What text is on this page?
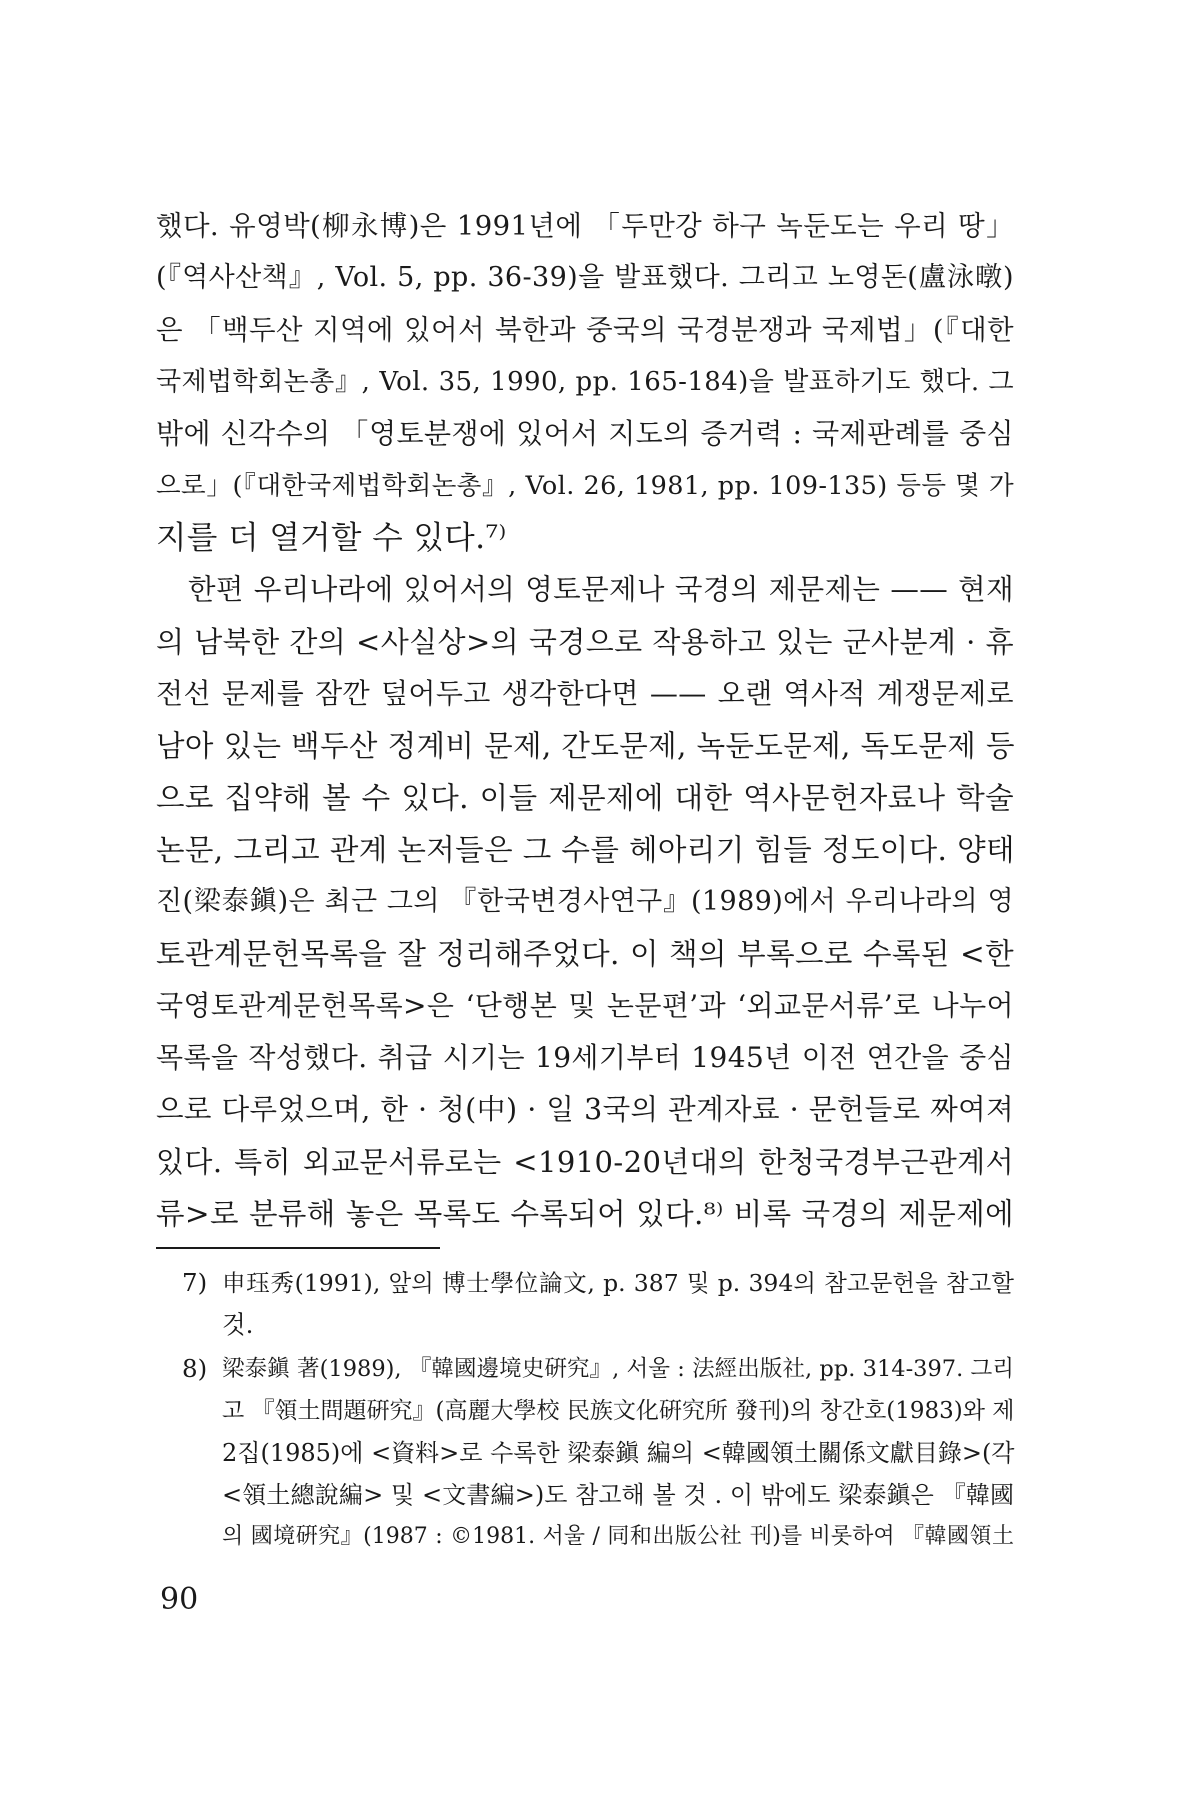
했다. 유영박(柳永博)은 1991년에 「두만강 하구 녹둔도는 우리 땅」
(『역사산책』, Vol. 5, pp. 36-39)을 발표했다. 그리고 노영돈(盧泳暾)
은 「백두산 지역에 있어서 북한과 중국의 국경분쟁과 국제법」(『대한
국제법학회논총』, Vol. 35, 1990, pp. 165-184)을 발표하기도 했다. 그
밖에 신각수의 「영토분쟁에 있어서 지도의 증거력 : 국제판례를 중심
으로」(『대한국제법학회논총』, Vol. 26, 1981, pp. 109-135) 등등 몇 가
지를 더 열거할 수 있다.⁷⁾
한편 우리나라에 있어서의 영토문제나 국경의 제문제는 —— 현재
의 남북한 간의 <사실상>의 국경으로 작용하고 있는 군사분계 · 휴
전선 문제를 잠깐 덮어두고 생각한다면 —— 오랜 역사적 계쟁문제로
남아 있는 백두산 정계비 문제, 간도문제, 녹둔도문제, 독도문제 등
으로 집약해 볼 수 있다. 이들 제문제에 대한 역사문헌자료나 학술
논문, 그리고 관계 논저들은 그 수를 헤아리기 힘들 정도이다. 양태
진(梁泰鎭)은 최근 그의 『한국변경사연구』(1989)에서 우리나라의 영
토관계문헌목록을 잘 정리해주었다. 이 책의 부록으로 수록된 <한
국영토관계문헌목록>은 ‘단행본 및 논문편’과 ‘외교문서류’로 나누어
목록을 작성했다. 취급 시기는 19세기부터 1945년 이전 연간을 중심
으로 다루었으며, 한 · 청(中) · 일 3국의 관계자료 · 문헌들로 짜여져
있다. 특히 외교문서류로는 <1910-20년대의 한청국경부근관계서
류>로 분류해 놓은 목록도 수록되어 있다.⁸⁾ 비록 국경의 제문제에
7) 申珏秀(1991), 앞의 博士學位論文, p. 387 및 p. 394의 참고문헌을 참고할
것.
8) 梁泰鎭 著(1989), 『韓國邊境史硏究』, 서울 : 法經出版社, pp. 314-397. 그리
고 『領土問題硏究』(高麗大學校 民族文化硏究所 發刊)의 창간호(1983)와 제
2집(1985)에 <資料>로 수록한 梁泰鎭 編의 <韓國領土關係文獻目錄>(각
<領土總說編> 및 <文書編>)도 참고해 볼 것 . 이 밖에도 梁泰鎭은 『韓國
의 國境硏究』(1987 : ©1981. 서울 / 同和出版公社 刊)를 비롯하여 『韓國領土
90
